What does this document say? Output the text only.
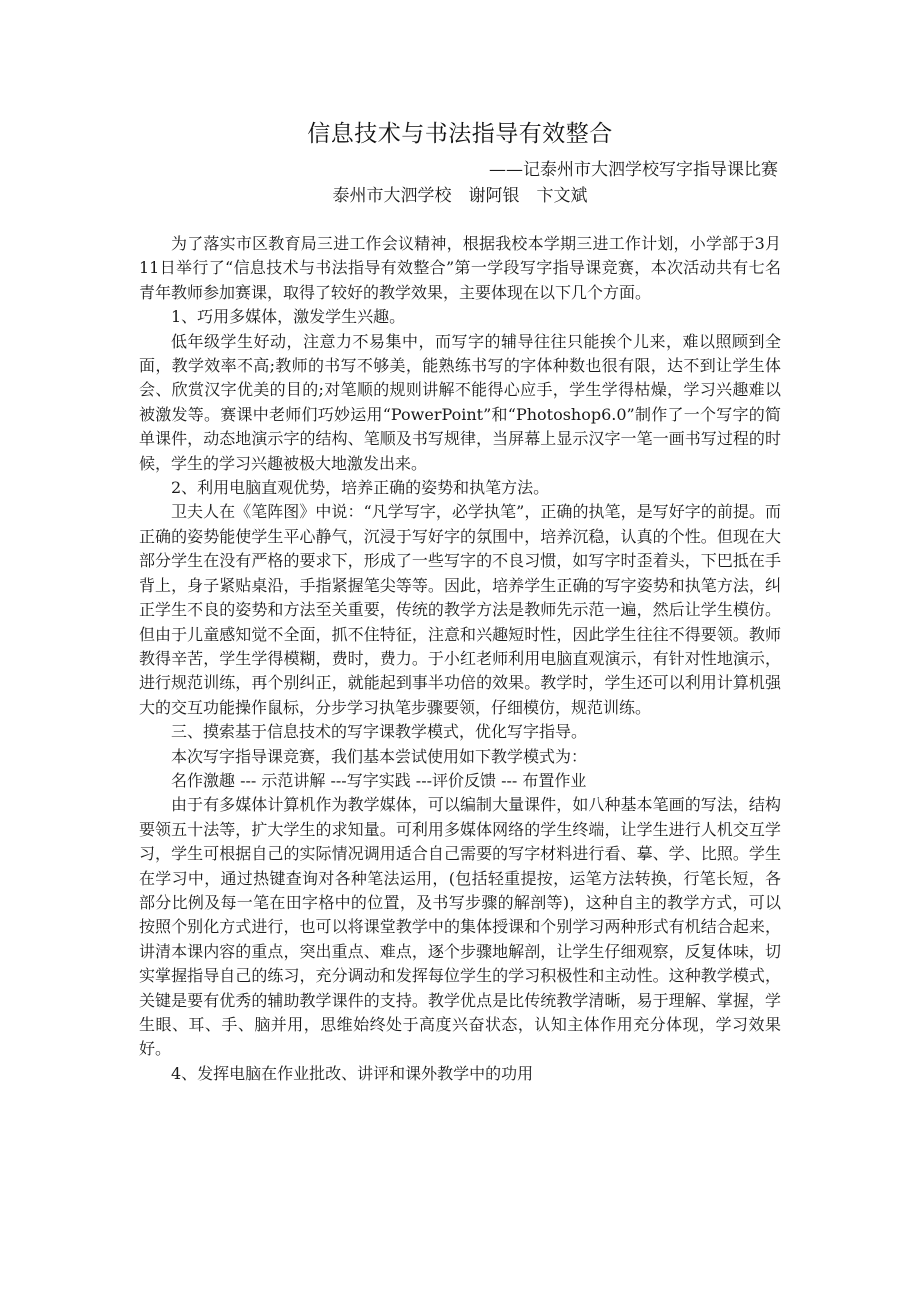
信息技术与书法指导有效整合
——记泰州市大泗学校写字指导课比赛
泰州市大泗学校　谢阿银　卞文斌

为了落实市区教育局三进工作会议精神，根据我校本学期三进工作计划，小学部于3月11日举行了“信息技术与书法指导有效整合”第一学段写字指导课竞赛，本次活动共有七名青年教师参加赛课，取得了较好的教学效果，主要体现在以下几个方面。

1、巧用多媒体，激发学生兴趣。

低年级学生好动，注意力不易集中，而写字的辅导往往只能挨个儿来，难以照顾到全面，教学效率不高;教师的书写不够美，能熟练书写的字体种数也很有限，达不到让学生体会、欣赏汉字优美的目的;对笔顺的规则讲解不能得心应手，学生学得枯燥，学习兴趣难以被激发等。赛课中老师们巧妙运用“PowerPoint”和“Photoshop6.0”制作了一个写字的简单课件，动态地演示字的结构、笔顺及书写规律，当屏幕上显示汉字一笔一画书写过程的时候，学生的学习兴趣被极大地激发出来。

2、利用电脑直观优势，培养正确的姿势和执笔方法。

卫夫人在《笔阵图》中说：“凡学写字，必学执笔”，正确的执笔，是写好字的前提。而正确的姿势能使学生平心静气，沉浸于写好字的氛围中，培养沉稳，认真的个性。但现在大部分学生在没有严格的要求下，形成了一些写字的不良习惯，如写字时歪着头，下巴抵在手背上，身子紧贴桌沿，手指紧握笔尖等等。因此，培养学生正确的写字姿势和执笔方法，纠正学生不良的姿势和方法至关重要，传统的教学方法是教师先示范一遍，然后让学生模仿。但由于儿童感知觉不全面，抓不住特征，注意和兴趣短时性，因此学生往往不得要领。教师教得辛苦，学生学得模糊，费时，费力。于小红老师利用电脑直观演示，有针对性地演示，进行规范训练，再个别纠正，就能起到事半功倍的效果。教学时，学生还可以利用计算机强大的交互功能操作鼠标，分步学习执笔步骤要领，仔细模仿，规范训练。

三、摸索基于信息技术的写字课教学模式，优化写字指导。

本次写字指导课竞赛，我们基本尝试使用如下教学模式为：

名作激趣 --- 示范讲解 ---写字实践 ---评价反馈 --- 布置作业

由于有多媒体计算机作为教学媒体，可以编制大量课件，如八种基本笔画的写法，结构要领五十法等，扩大学生的求知量。可利用多媒体网络的学生终端，让学生进行人机交互学习，学生可根据自己的实际情况调用适合自己需要的写字材料进行看、摹、学、比照。学生在学习中，通过热键查询对各种笔法运用，(包括轻重提按，运笔方法转换，行笔长短，各部分比例及每一笔在田字格中的位置，及书写步骤的解剖等)，这种自主的教学方式，可以按照个别化方式进行，也可以将课堂教学中的集体授课和个别学习两种形式有机结合起来，讲清本课内容的重点，突出重点、难点，逐个步骤地解剖，让学生仔细观察，反复体味，切实掌握指导自己的练习，充分调动和发挥每位学生的学习积极性和主动性。这种教学模式，关键是要有优秀的辅助教学课件的支持。教学优点是比传统教学清晰，易于理解、掌握，学生眼、耳、手、脑并用，思维始终处于高度兴奋状态，认知主体作用充分体现，学习效果好。

4、发挥电脑在作业批改、讲评和课外教学中的功用
